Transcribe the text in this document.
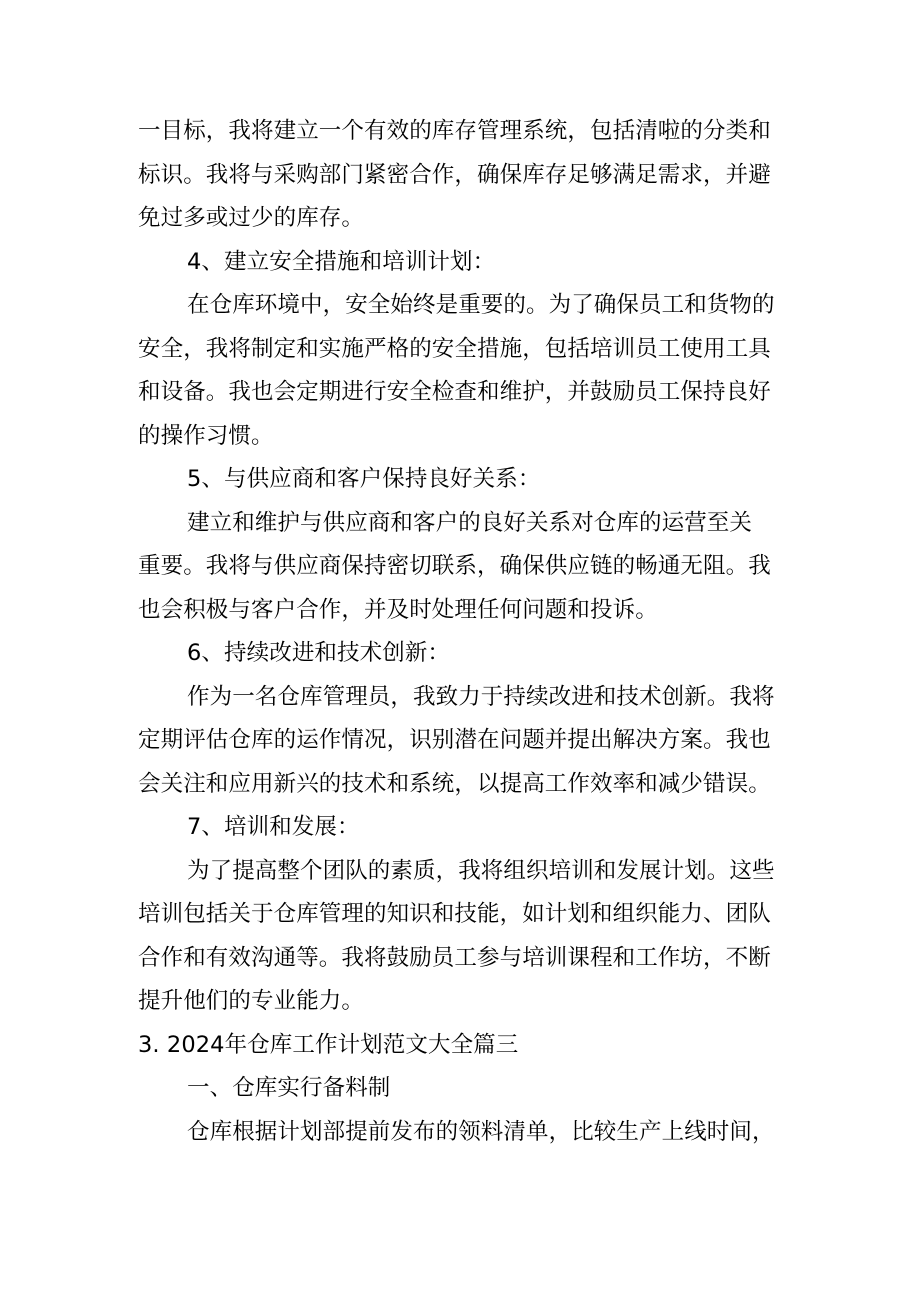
一目标，我将建立一个有效的库存管理系统，包括清啦的分类和
标识。我将与采购部门紧密合作，确保库存足够满足需求，并避
免过多或过少的库存。
4、建立安全措施和培训计划：
在仓库环境中，安全始终是重要的。为了确保员工和货物的
安全，我将制定和实施严格的安全措施，包括培训员工使用工具
和设备。我也会定期进行安全检查和维护，并鼓励员工保持良好
的操作习惯。
5、与供应商和客户保持良好关系：
建立和维护与供应商和客户的良好关系对仓库的运营至关
重要。我将与供应商保持密切联系，确保供应链的畅通无阻。我
也会积极与客户合作，并及时处理任何问题和投诉。
6、持续改进和技术创新：
作为一名仓库管理员，我致力于持续改进和技术创新。我将
定期评估仓库的运作情况，识别潜在问题并提出解决方案。我也
会关注和应用新兴的技术和系统，以提高工作效率和减少错误。
7、培训和发展：
为了提高整个团队的素质，我将组织培训和发展计划。这些
培训包括关于仓库管理的知识和技能，如计划和组织能力、团队
合作和有效沟通等。我将鼓励员工参与培训课程和工作坊，不断
提升他们的专业能力。
3. 2024年仓库工作计划范文大全篇三
一、仓库实行备料制
仓库根据计划部提前发布的领料清单，比较生产上线时间，
